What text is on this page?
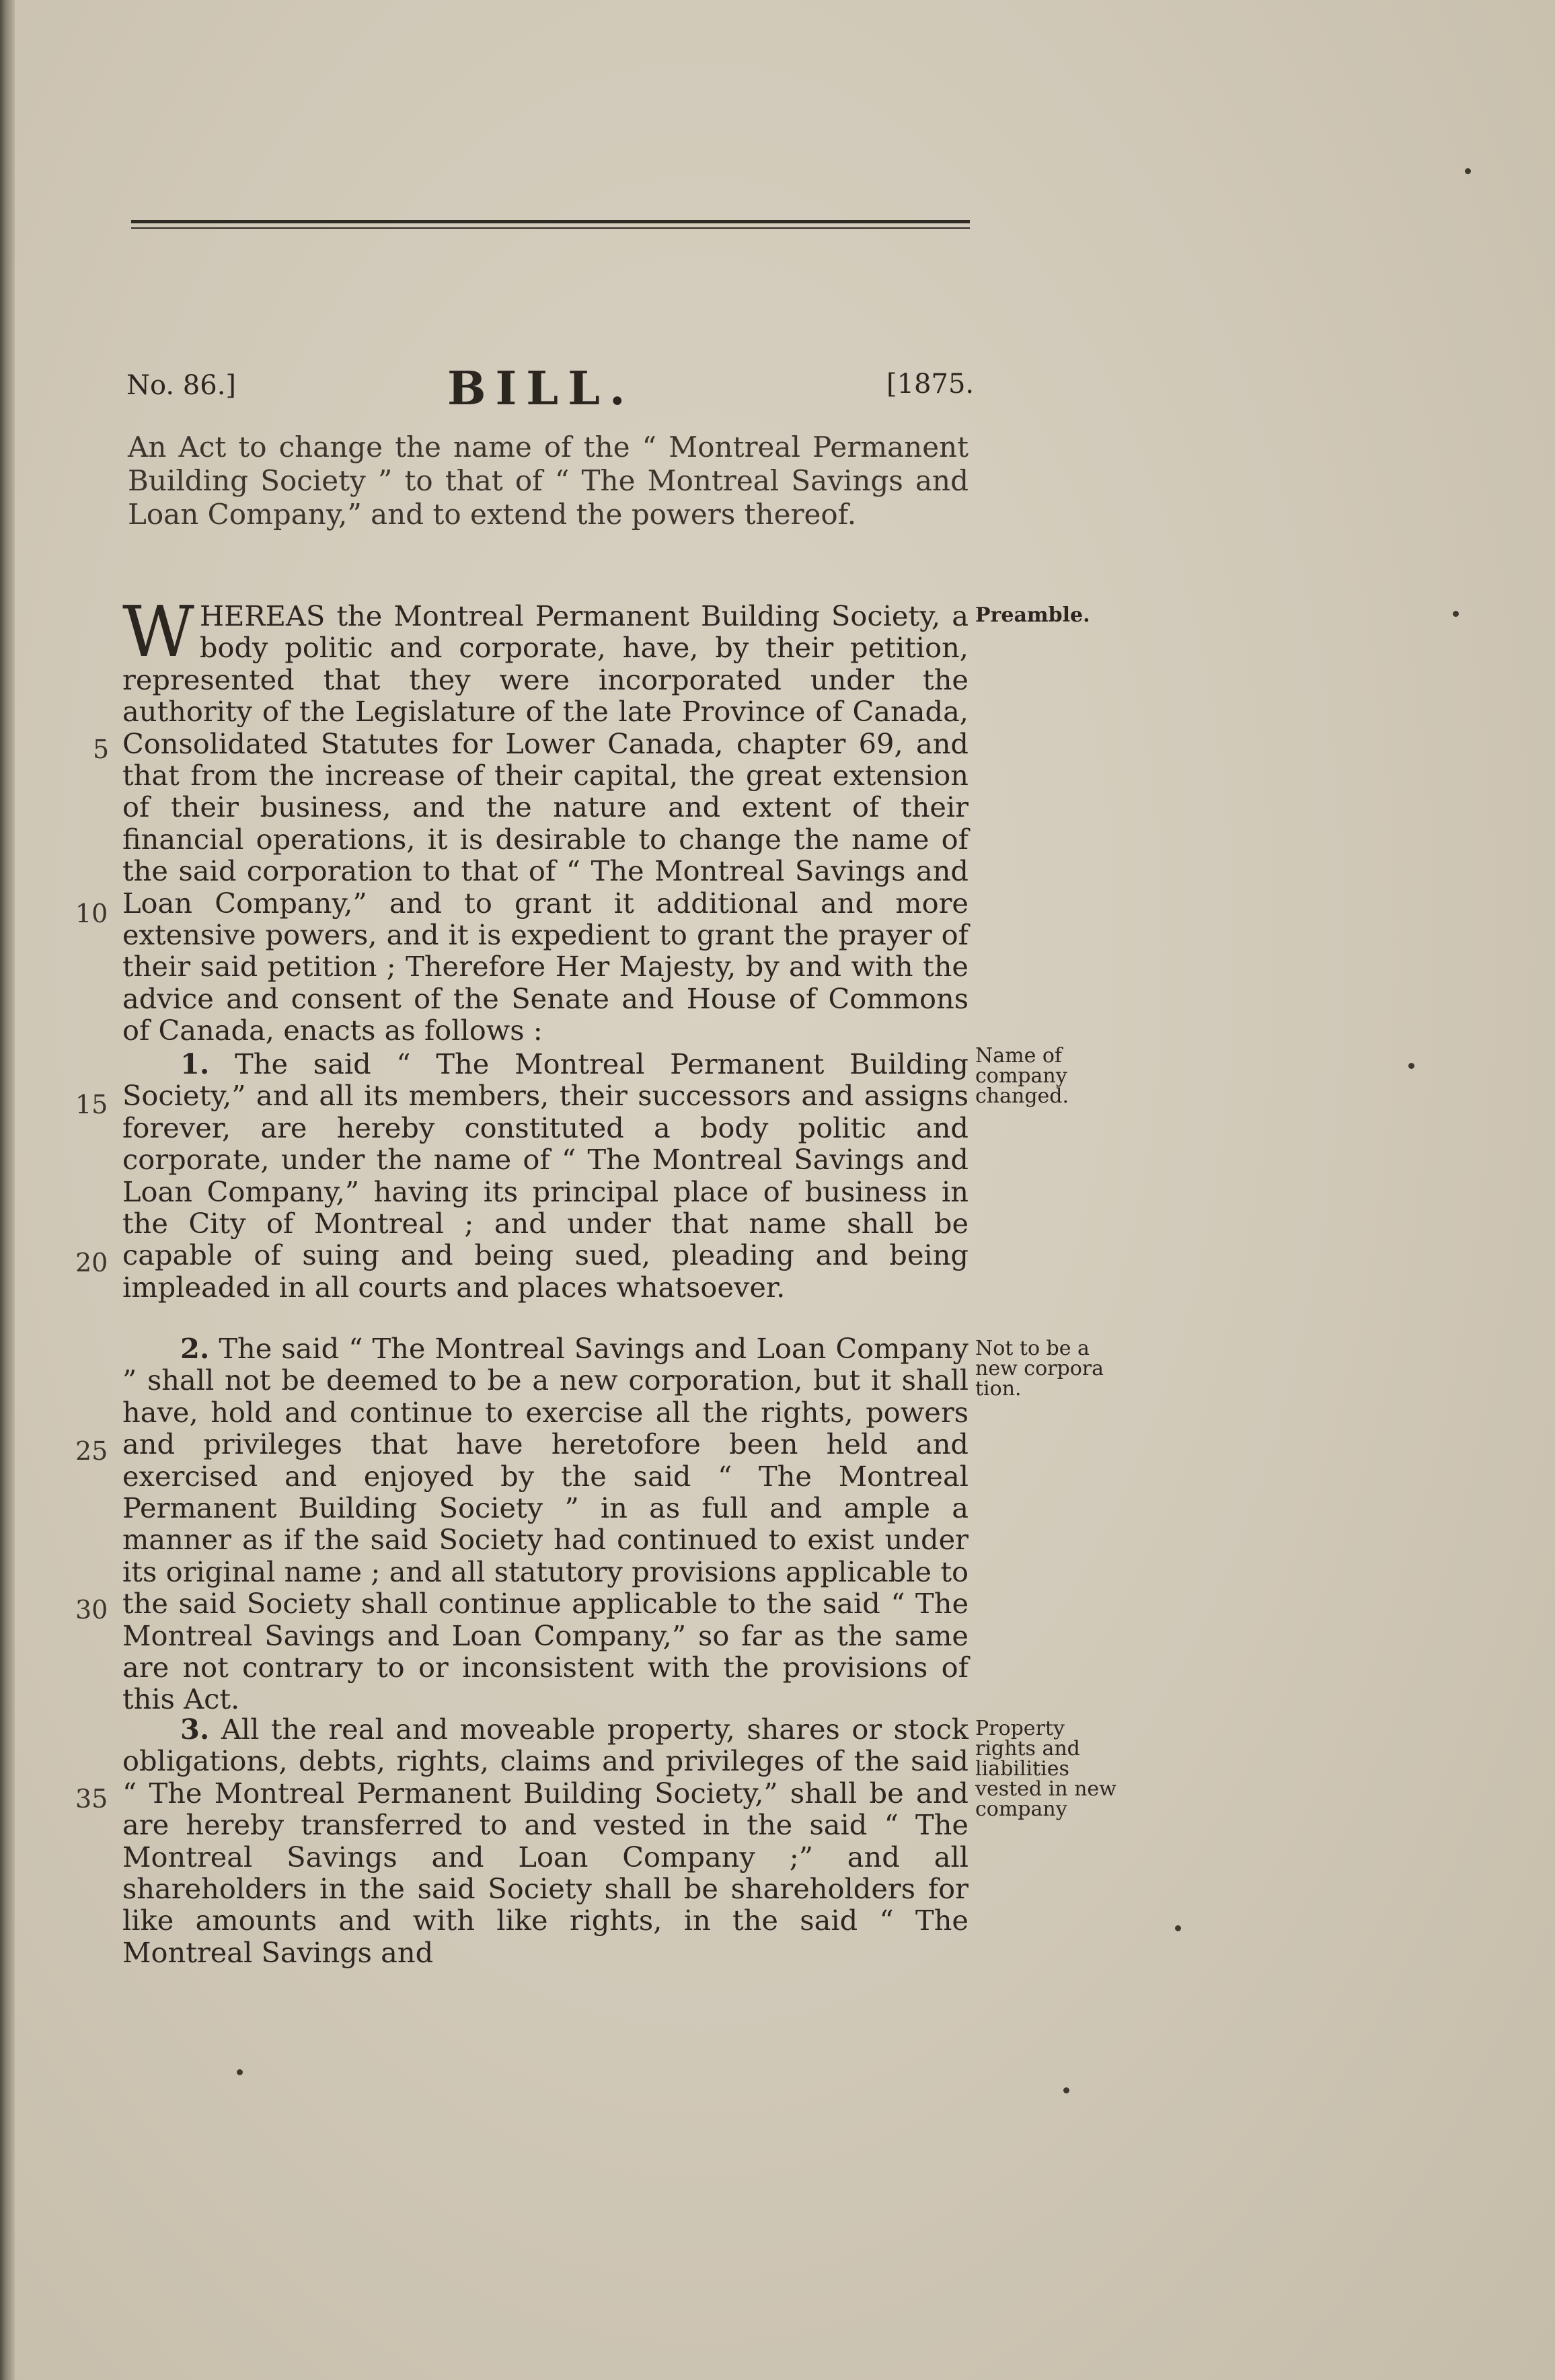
No. 86.]	BILL.	[1875.
An Act to change the name of the “ Montreal Permanent Building Society ” to that of “ The Montreal Savings and Loan Company,” and to extend the powers thereof.

WHEREAS the Montreal Permanent Building Society, a body politic and corporate, have, by their petition, represented that they were incorporated under the authority of the Legislature of the late Province of Canada, Consolidated Statutes for Lower Canada, chapter 69, and that from the increase of their capital, the great extension of their business, and the nature and extent of their financial operations, it is desirable to change the name of the said corporation to that of “ The Montreal Savings and Loan Company,” and to grant it additional and more extensive powers, and it is expedient to grant the prayer of their said petition ; Therefore Her Majesty, by and with the advice and consent of the Senate and House of Commons of Canada, enacts as follows :

1. The said “ The Montreal Permanent Building Society,” and all its members, their successors and assigns forever, are hereby constituted a body politic and corporate, under the name of “ The Montreal Savings and Loan Company,” having its principal place of business in the City of Montreal ; and under that name shall be capable of suing and being sued, pleading and being impleaded in all courts and places whatsoever.

2. The said “ The Montreal Savings and Loan Company ” shall not be deemed to be a new corporation, but it shall have, hold and continue to exercise all the rights, powers and privileges that have heretofore been held and exercised and enjoyed by the said “ The Montreal Permanent Building Society ” in as full and ample a manner as if the said Society had continued to exist under its original name ; and all statutory provisions applicable to the said Society shall continue applicable to the said “ The Montreal Savings and Loan Company,” so far as the same are not contrary to or inconsistent with the provisions of this Act.

3. All the real and moveable property, shares or stock obligations, debts, rights, claims and privileges of the said “ The Montreal Permanent Building Society,” shall be and are hereby transferred to and vested in the said “ The Montreal Savings and Loan Company ;” and all shareholders in the said Society shall be shareholders for like amounts and with like rights, in the said “ The Montreal Savings and

Preamble.
Name of
company
changed.
Not to be a
new corpora
tion.
Property
rights and
liabilities
vested in new
company
5
10
15
20
25
30
35
